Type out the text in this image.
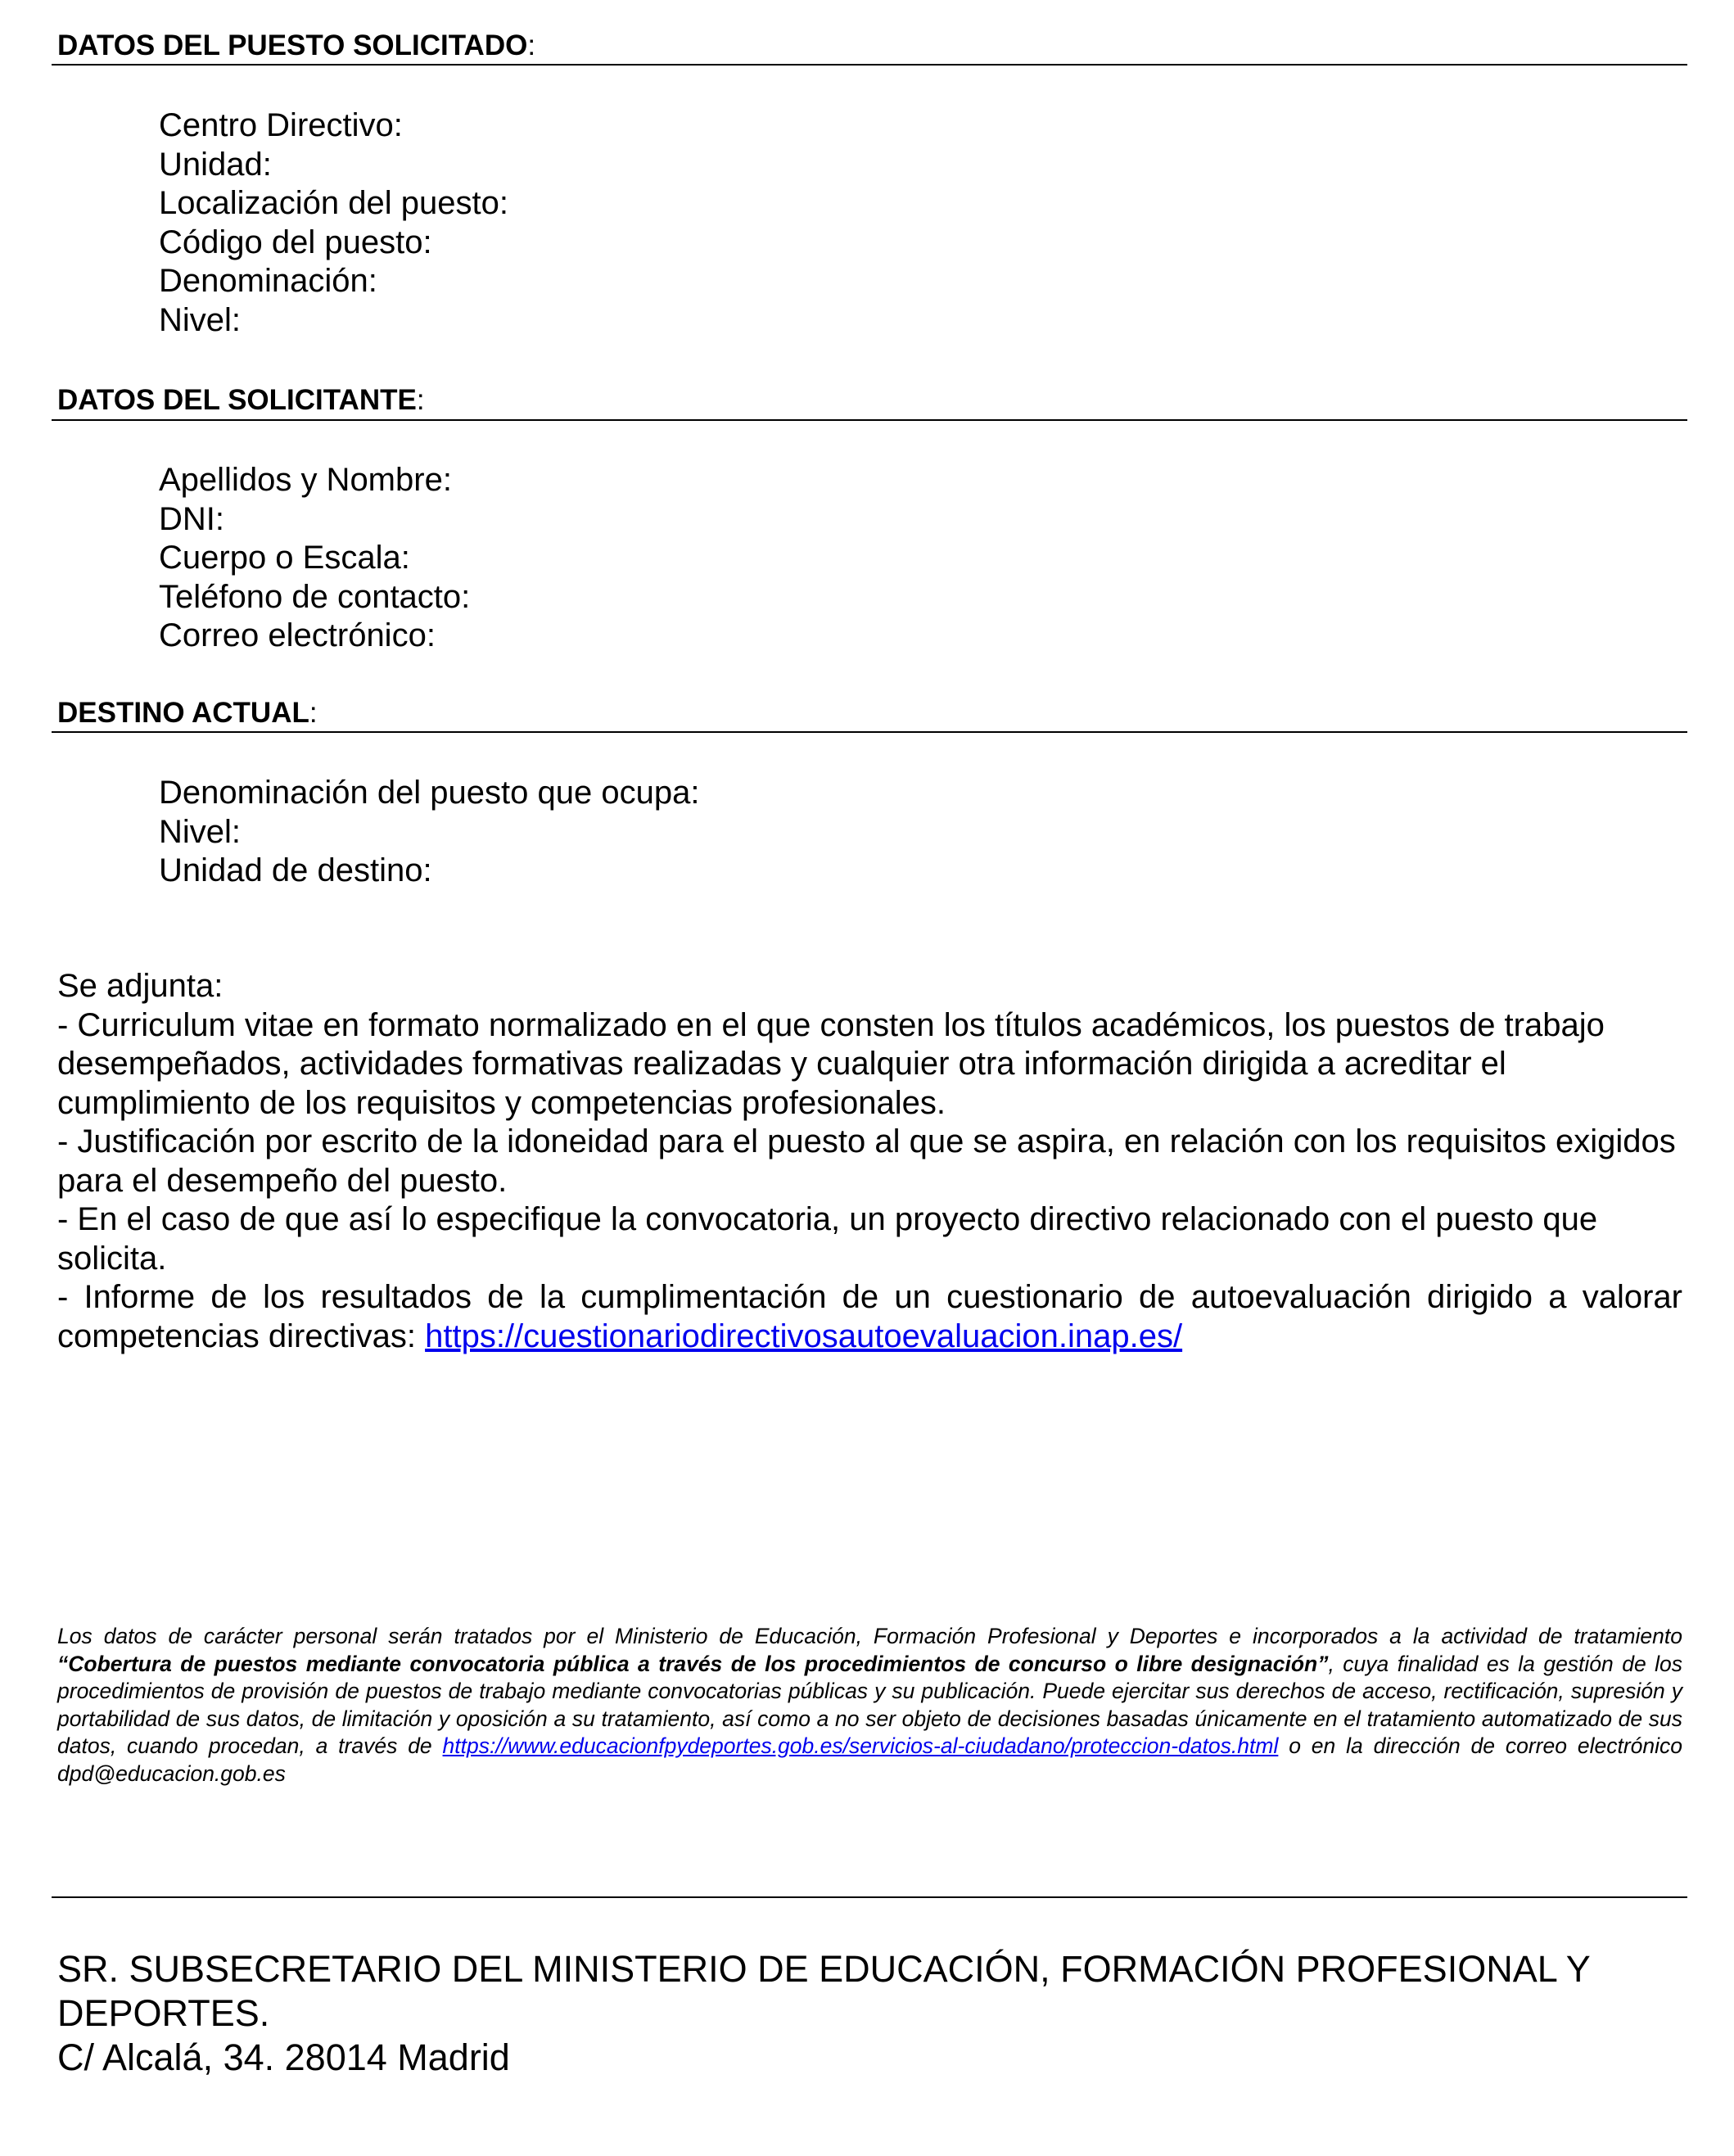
DATOS DEL PUESTO SOLICITADO:
Centro Directivo:
Unidad:
Localización del puesto:
Código del puesto:
Denominación:
Nivel:
DATOS DEL SOLICITANTE:
Apellidos y Nombre:
DNI:
Cuerpo o Escala:
Teléfono de contacto:
Correo electrónico:
DESTINO ACTUAL:
Denominación del puesto que ocupa:
Nivel:
Unidad de destino:

Se adjunta:

- Curriculum vitae en formato normalizado en el que consten los títulos académicos, los puestos de trabajo desempeñados, actividades formativas realizadas y cualquier otra información dirigida a acreditar el cumplimiento de los requisitos y competencias profesionales.

- Justificación por escrito de la idoneidad para el puesto al que se aspira, en relación con los requisitos exigidos para el desempeño del puesto.

- En el caso de que así lo especifique la convocatoria, un proyecto directivo relacionado con el puesto que solicita.

- Informe de los resultados de la cumplimentación de un cuestionario de autoevaluación dirigido a valorar competencias directivas: https://cuestionariodirectivosautoevaluacion.inap.es/

Los datos de carácter personal serán tratados por el Ministerio de Educación, Formación Profesional y Deportes e incorporados a la actividad de tratamiento “Cobertura de puestos mediante convocatoria pública a través de los procedimientos de concurso o libre designación”, cuya finalidad es la gestión de los procedimientos de provisión de puestos de trabajo mediante convocatorias públicas y su publicación. Puede ejercitar sus derechos de acceso, rectificación, supresión y portabilidad de sus datos, de limitación y oposición a su tratamiento, así como a no ser objeto de decisiones basadas únicamente en el tratamiento automatizado de sus datos, cuando procedan, a través de https://www.educacionfpydeportes.gob.es/servicios-al-ciudadano/proteccion-datos.html o en la dirección de correo electrónico dpd@educacion.gob.es

SR. SUBSECRETARIO DEL MINISTERIO DE EDUCACIÓN, FORMACIÓN PROFESIONAL Y
DEPORTES.
C/ Alcalá, 34. 28014 Madrid
